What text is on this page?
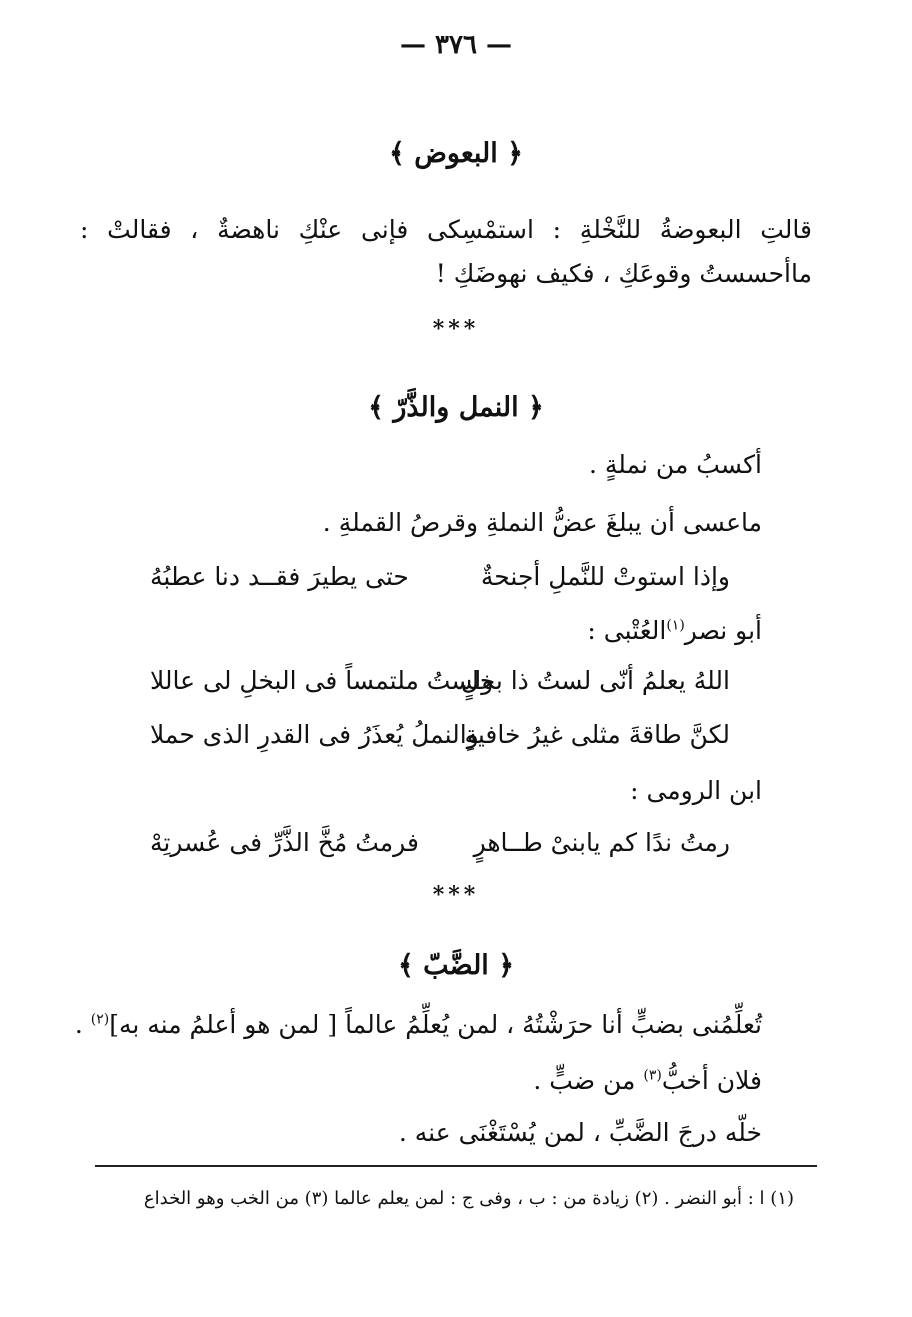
— ٣٧٦ —
﴿ البعوض ﴾
قالتِ البعوضةُ للنَّخْلةِ : استمْسِكى فإنى عنْكِ ناهضةٌ ، فقالتْ : ماأحسستُ وقوعَكِ ، فكيف نهوضَكِ !
***
﴿ النمل والذَّرّ ﴾
أكسبُ من نملةٍ .
ماعسى أن يبلغَ عضُّ النملةِ وقرصُ القملةِ .
وإذا استوتْ للنَّملِ أجنحةٌ
حتى يطيرَ فقــد دنا عطبُهُ
أبو نصر$^{(١)}$العُتْبى :
اللهُ يعلمُ أنّى لستُ ذا بخلٍ
ولستُ ملتمساً فى البخلِ لى عاللا
لكنَّ طاقةَ مثلى غيرُ خافيةٍ
والنملُ يُعذَرُ فى القدرِ الذى حملا
ابن الرومى :
رمتُ ندًا كم يابنىْ طــاهرٍ
فرمتُ مُخَّ الذَّرِّ فى عُسرتِهْ
***
﴿ الضَّبّ ﴾
تُعلِّمُنى بضبٍّ أنا حرَشْتُهُ ، لمن يُعلِّمُ عالماً [ لمن هو أعلمُ منه به]$^{(٢)}$ .
فلان أخبُّ$^{(٣)}$ من ضبٍّ .
خلّه درجَ الضَّبِّ ، لمن يُسْتَغْنَى عنه .
(١) ا : أبو النضر . (٢) زيادة من : ب ، وفى ج : لمن يعلم عالما (٣) من الخب وهو الخداع
